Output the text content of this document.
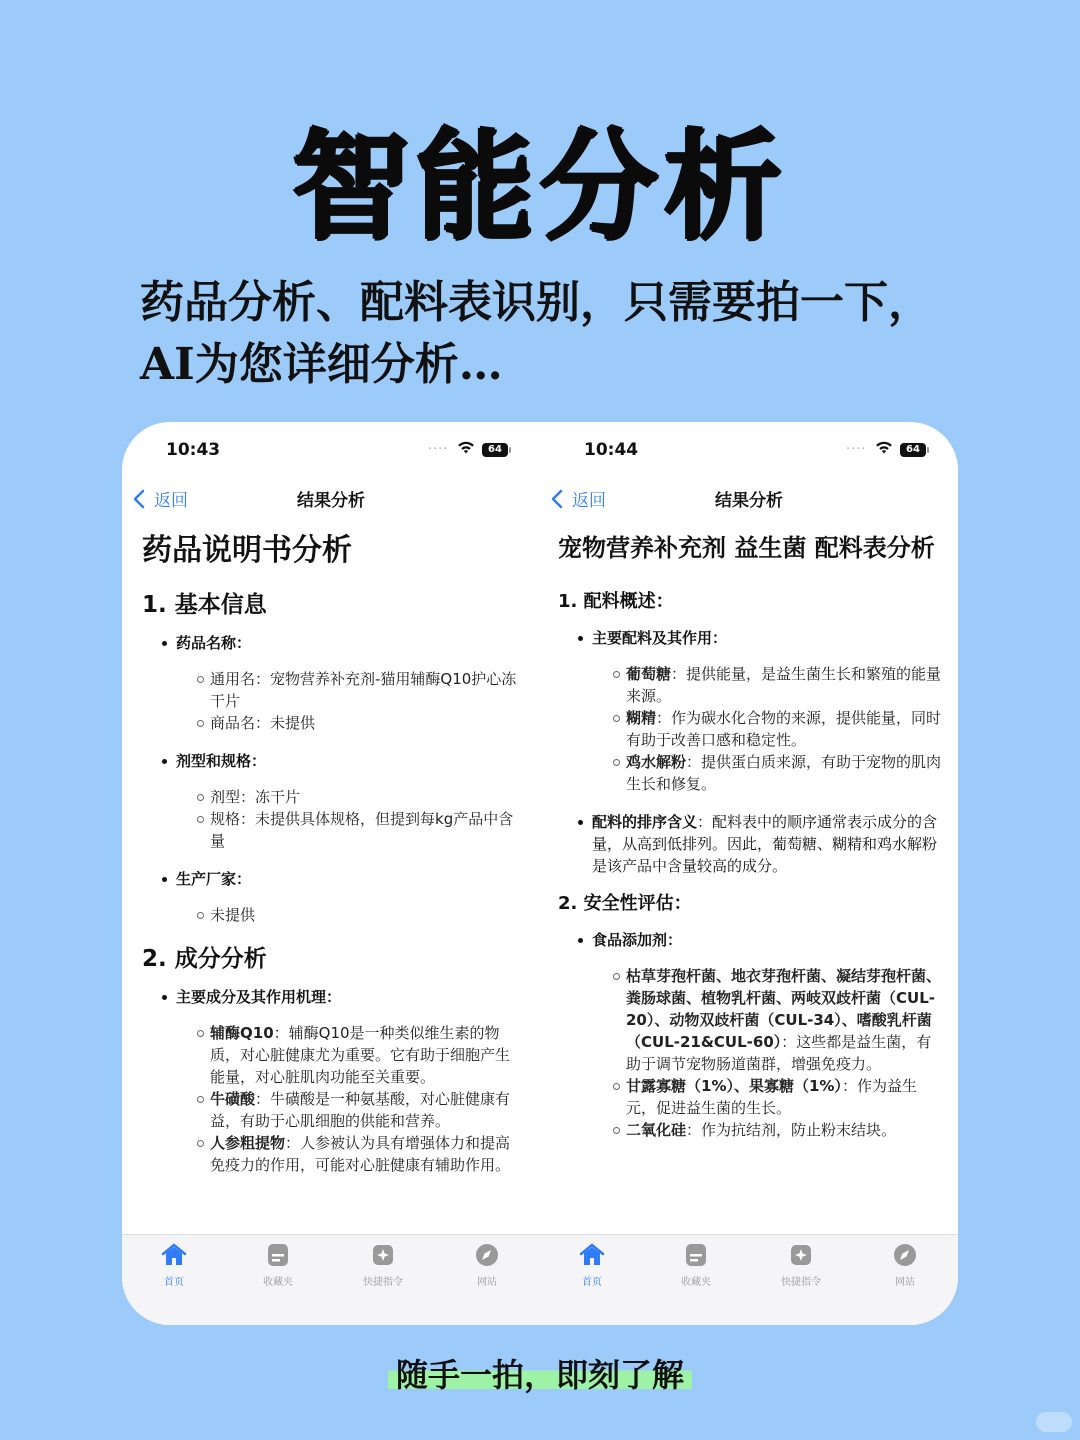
智能分析
药品分析、配料表识别，只需要拍一下，AI为您详细分析…
10:43	····	64
返回	结果分析
药品说明书分析
1. 基本信息
药品名称：
通用名：宠物营养补充剂-猫用辅酶Q10护心冻干片
商品名：未提供
剂型和规格：
剂型：冻干片
规格：未提供具体规格，但提到每kg产品中含量
生产厂家：
未提供
2. 成分分析
主要成分及其作用机理：
辅酶Q10：辅酶Q10是一种类似维生素的物质，对心脏健康尤为重要。它有助于细胞产生能量，对心脏肌肉功能至关重要。
牛磺酸：牛磺酸是一种氨基酸，对心脏健康有益，有助于心肌细胞的供能和营养。
人参粗提物：人参被认为具有增强体力和提高免疫力的作用，可能对心脏健康有辅助作用。
首页	收藏夹	快捷指令	网站
10:44	····	64
返回	结果分析
宠物营养补充剂 益生菌 配料表分析
1. 配料概述：
主要配料及其作用：
葡萄糖：提供能量，是益生菌生长和繁殖的能量来源。
糊精：作为碳水化合物的来源，提供能量，同时有助于改善口感和稳定性。
鸡水解粉：提供蛋白质来源，有助于宠物的肌肉生长和修复。
配料的排序含义：配料表中的顺序通常表示成分的含量，从高到低排列。因此，葡萄糖、糊精和鸡水解粉是该产品中含量较高的成分。
2. 安全性评估：
食品添加剂：
枯草芽孢杆菌、地衣芽孢杆菌、凝结芽孢杆菌、粪肠球菌、植物乳杆菌、两岐双歧杆菌（CUL-20）、动物双歧杆菌（CUL-34）、嗜酸乳杆菌（CUL-21&CUL-60）：这些都是益生菌，有助于调节宠物肠道菌群，增强免疫力。
甘露寡糖（1%）、果寡糖（1%）：作为益生元，促进益生菌的生长。
二氧化硅：作为抗结剂，防止粉末结块。
首页	收藏夹	快捷指令	网站
随手一拍，即刻了解
